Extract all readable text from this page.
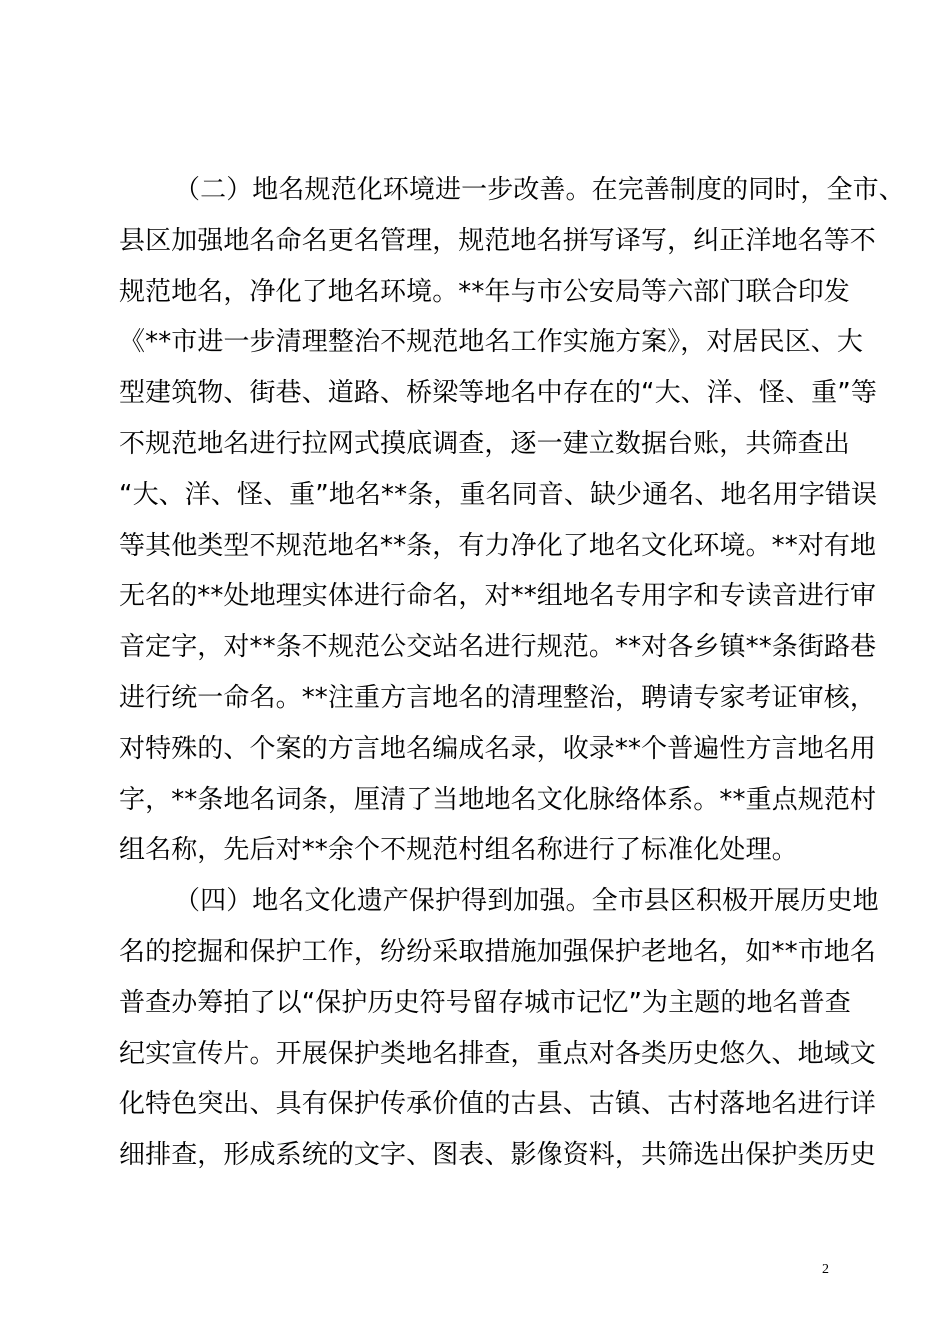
（二）地名规范化环境进一步改善。在完善制度的同时，全市、
县区加强地名命名更名管理，规范地名拼写译写，纠正洋地名等不
规范地名，净化了地名环境。**年与市公安局等六部门联合印发
《**市进一步清理整治不规范地名工作实施方案》，对居民区、大
型建筑物、街巷、道路、桥梁等地名中存在的“大、洋、怪、重”等
不规范地名进行拉网式摸底调查，逐一建立数据台账，共筛查出
“大、洋、怪、重”地名**条，重名同音、缺少通名、地名用字错误
等其他类型不规范地名**条，有力净化了地名文化环境。**对有地
无名的**处地理实体进行命名，对**组地名专用字和专读音进行审
音定字，对**条不规范公交站名进行规范。**对各乡镇**条街路巷
进行统一命名。**注重方言地名的清理整治，聘请专家考证审核，
对特殊的、个案的方言地名编成名录，收录**个普遍性方言地名用
字，**条地名词条，厘清了当地地名文化脉络体系。**重点规范村
组名称，先后对**余个不规范村组名称进行了标准化处理。
（四）地名文化遗产保护得到加强。全市县区积极开展历史地
名的挖掘和保护工作，纷纷采取措施加强保护老地名，如**市地名
普查办筹拍了以“保护历史符号留存城市记忆”为主题的地名普查
纪实宣传片。开展保护类地名排查，重点对各类历史悠久、地域文
化特色突出、具有保护传承价值的古县、古镇、古村落地名进行详
细排查，形成系统的文字、图表、影像资料，共筛选出保护类历史
2
